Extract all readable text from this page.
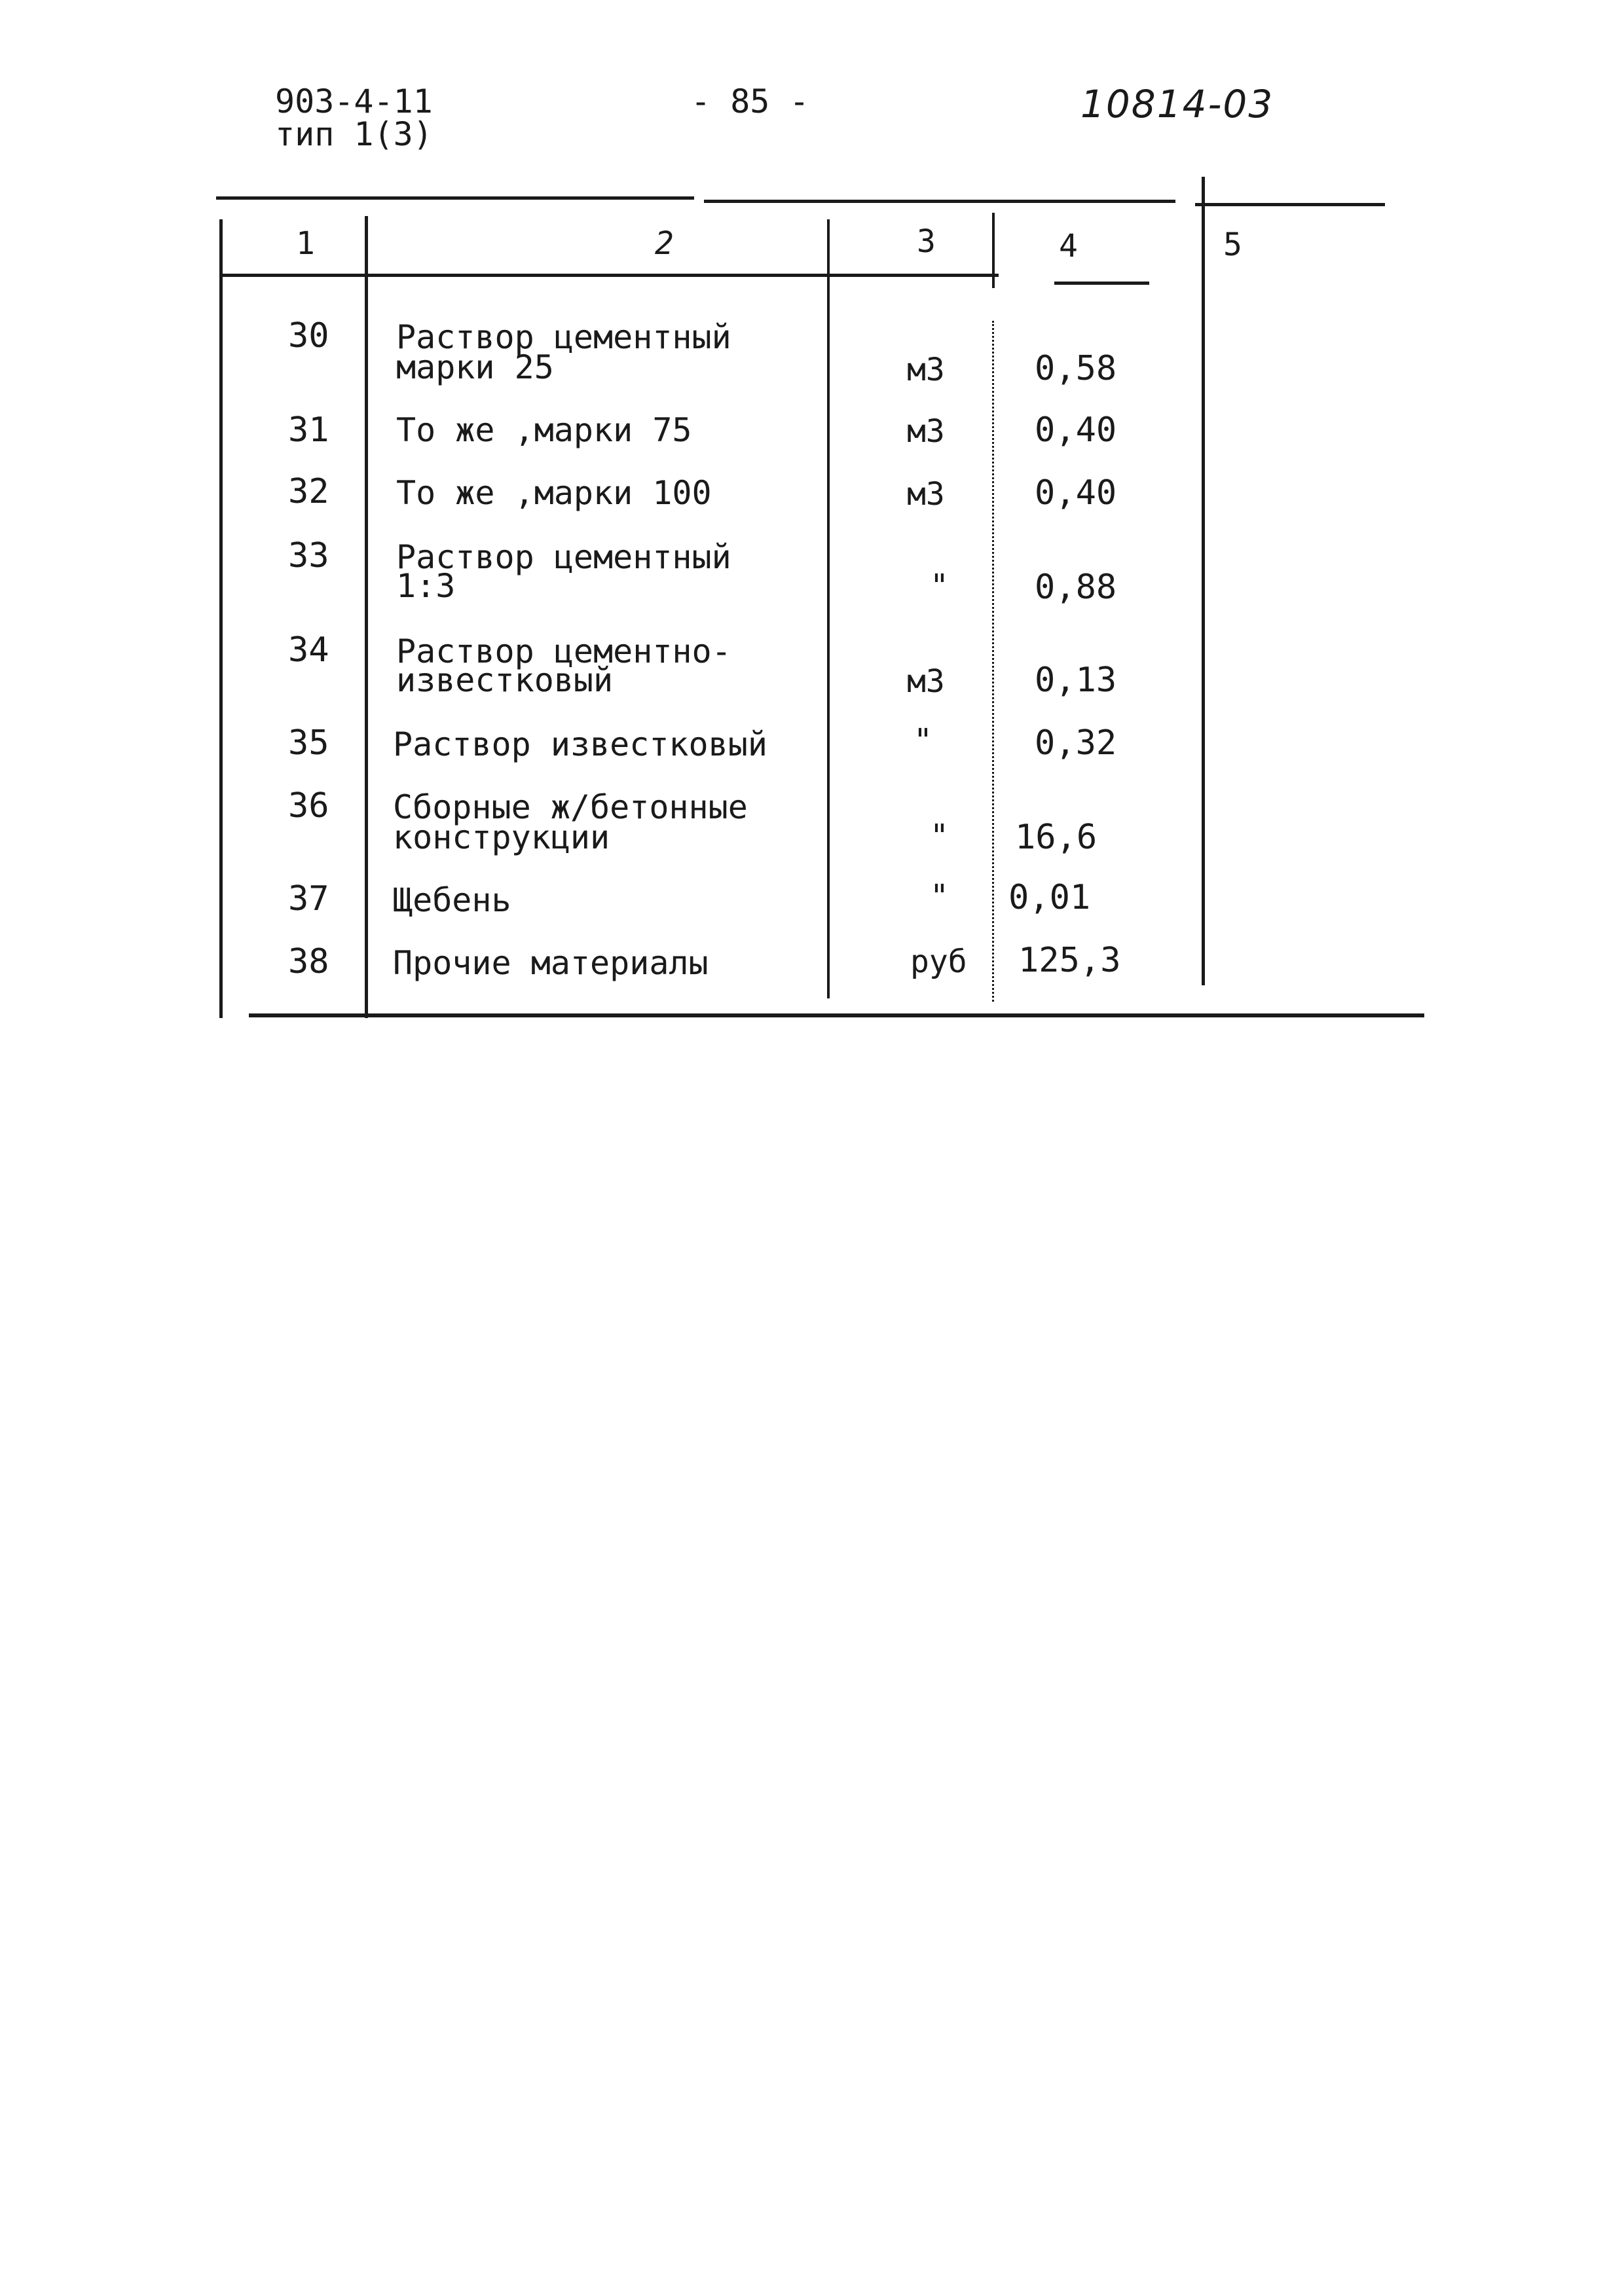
903-4-11
тип 1(3)
- 85 -	10814-03
1	2	3	4	5
30 Раствор цементный
марки 25	м3	0,58
31 То же ,марки 75	м3	0,40
32 То же ,марки 100	м3	0,40
33 Раствор цементный
1:3	"	0,88
34 Раствор цементно-
известковый	м3	0,13
35 Раствор известковый	"	0,32
36 Сборные ж/бетонные
конструкции	" 16,6
37 Щебень	" 0,01
38 Прочие материалы	руб 125,3
